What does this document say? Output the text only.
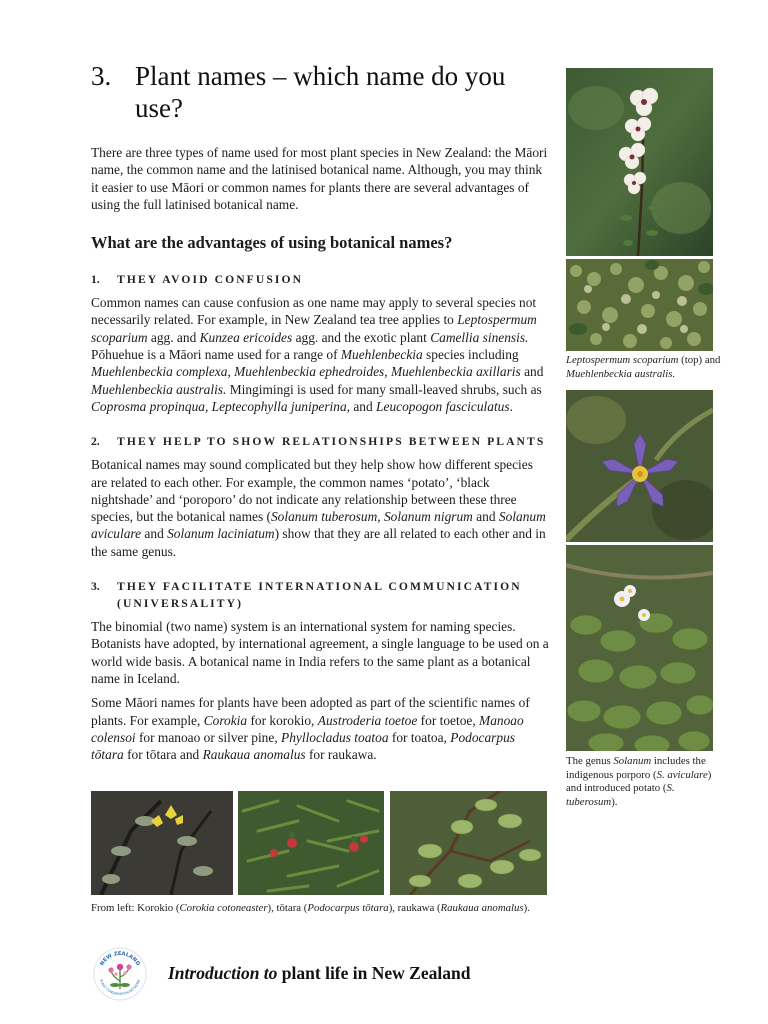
3. Plant names – which name do you use?

There are three types of name used for most plant species in New Zealand: the Māori name, the common name and the latinised botanical name. Although, you may think it easier to use Māori or common names for plants there are several advantages of using the full latinised botanical name.

What are the advantages of using botanical names?
1.	THEY AVOID CONFUSION

Common names can cause confusion as one name may apply to several species not necessarily related. For example, in New Zealand tea tree applies to Leptospermum scoparium agg. and Kunzea ericoides agg. and the exotic plant Camellia sinensis. Pōhuehue is a Māori name used for a range of Muehlenbeckia species including Muehlenbeckia complexa, Muehlenbeckia ephedroides, Muehlenbeckia axillaris and Muehlenbeckia australis. Mingimingi is used for many small-leaved shrubs, such as Coprosma propinqua, Leptecophylla juniperina, and Leucopogon fasciculatus.

2.	THEY HELP TO SHOW RELATIONSHIPS BETWEEN PLANTS

Botanical names may sound complicated but they help show how different species are related to each other. For example, the common names ‘potato’, ‘black nightshade’ and ‘poroporo’ do not indicate any relationship between these three species, but the botanical names (Solanum tuberosum, Solanum nigrum and Solanum aviculare and Solanum laciniatum) show that they are all related to each other and in the same genus.

3.	THEY FACILITATE INTERNATIONAL COMMUNICATION (UNIVERSALITY)

The binomial (two name) system is an international system for naming species. Botanists have adopted, by international agreement, a single language to be used on a world wide basis. A botanical name in India refers to the same plant as a botanical name in Iceland.

Some Māori names for plants have been adopted as part of the scientific names of plants. For example, Corokia for korokio, Austroderia toetoe for toetoe, Manoao colensoi for manoao or silver pine, Phyllocladus toatoa for toatoa, Podocarpus tōtara for tōtara and Raukaua anomalus for raukawa.

Leptospermum scoparium (top) and Muehlenbeckia australis.
The genus Solanum includes the indigenous porporo (S. aviculare) and introduced potato (S. tuberosum).
From left: Korokio (Corokia cotoneaster), tōtara (Podocarpus tōtara), raukawa (Raukaua anomalus).
NEW ZEALAND
PLANT CONSERVATION NETWORK Introduction to plant life in New Zealand
